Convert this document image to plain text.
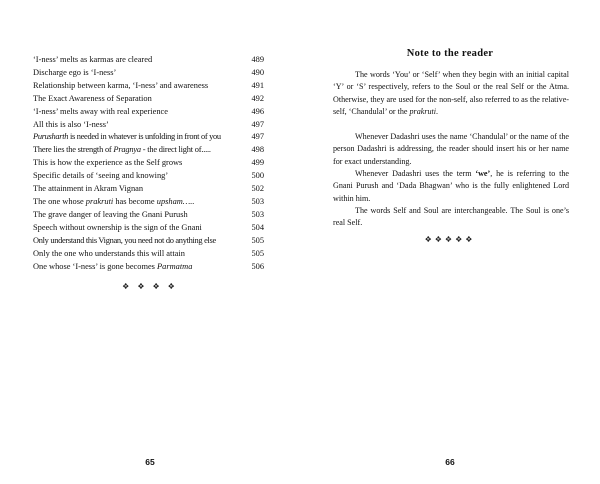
‘I-ness’ melts as karmas are cleared	489
Discharge ego is ‘I-ness’	490
Relationship between karma, ‘I-ness’ and awareness	491
The Exact Awareness of Separation	492
‘I-ness’ melts away with real experience	496
All this is also ‘I-ness’	497
Purusharth is needed in whatever is unfolding in front of you	497
There lies the strength of Pragnya - the direct light of.....	498
This is how the experience as the Self grows	499
Specific details of ‘seeing and knowing’	500
The attainment in Akram Vignan	502
The one whose prakruti has become upsham…..	503
The grave danger of leaving the Gnani Purush	503
Speech without ownership is the sign of the Gnani	504
Only understand this Vignan, you need not do anything else	505
Only the one who understands this will attain	505
One whose ‘I-ness’ is gone becomes Parmatma	506
❖ ❖ ❖ ❖
65
Note to the reader

The words ‘You’ or ‘Self’ when they begin with an initial capital ‘Y’ or ‘S’ respectively, refers to the Soul or the real Self or the Atma. Otherwise, they are used for the non-self, also referred to as the relative-self, ‘Chandulal’ or the prakruti.

Whenever Dadashri uses the name ‘Chandulal’ or the name of the person Dadashri is addressing, the reader should insert his or her name for exact understanding.

Whenever Dadashri uses the term ‘we’, he is referring to the Gnani Purush and ‘Dada Bhagwan’ who is the fully enlightened Lord within him.

The words Self and Soul are interchangeable. The Soul is one’s real Self.

❖❖❖❖❖
66
